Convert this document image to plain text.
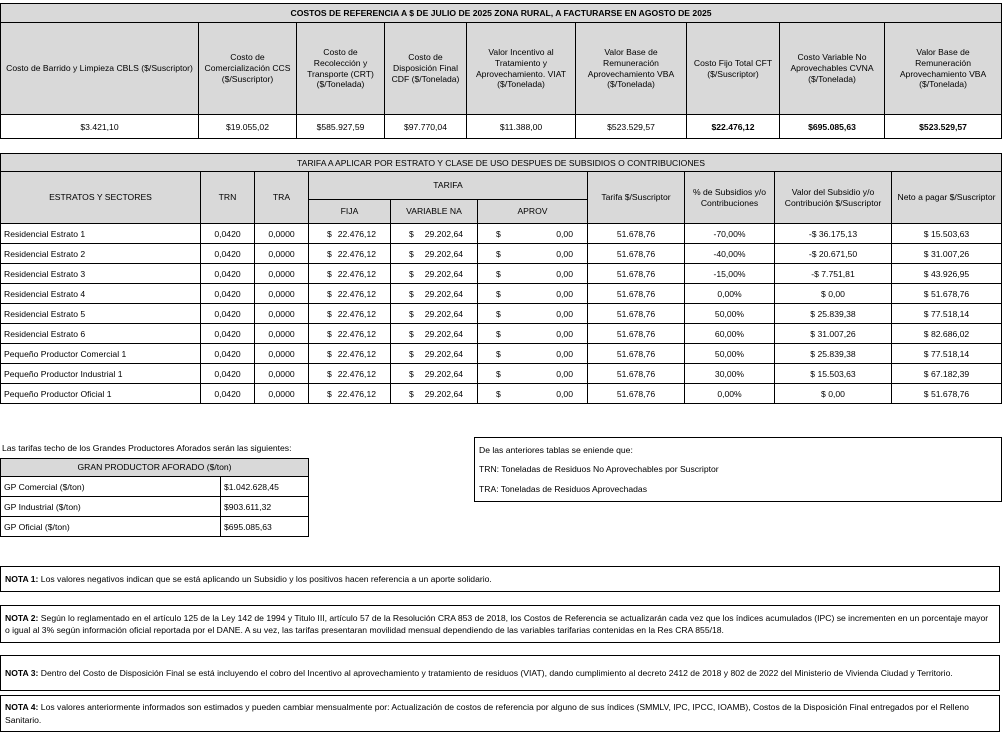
COSTOS DE REFERENCIA A $ DE JULIO DE 2025 ZONA RURAL, A FACTURARSE EN AGOSTO DE 2025								
Costo de Barrido y Limpieza CBLS ($/Suscriptor)	Costo de Comercialización CCS ($/Suscriptor)	Costo de Recolección y Transporte (CRT) ($/Tonelada)	Costo de Disposición Final CDF ($/Tonelada)	Valor Incentivo al Tratamiento y Aprovechamiento. VIAT ($/Tonelada)	Valor Base de Remuneración Aprovechamiento VBA ($/Tonelada)	Costo Fijo Total CFT ($/Suscriptor)	Costo Variable No Aprovechables CVNA ($/Tonelada)	Valor Base de Remuneración Aprovechamiento VBA ($/Tonelada)
$3.421,10	$19.055,02	$585.927,59	$97.770,04	$11.388,00	$523.529,57	$22.476,12	$695.085,63	$523.529,57
TARIFA A APLICAR POR ESTRATO Y CLASE DE USO DESPUES DE SUBSIDIOS O CONTRIBUCIONES									
ESTRATOS Y SECTORES	TRN	TRA	TARIFA			Tarifa $/Suscriptor	% de Subsidios y/o Contribuciones	Valor del Subsidio y/o Contribución $/Suscriptor	Neto a pagar $/Suscriptor
			FIJA	VARIABLE NA	APROV				
Residencial Estrato 1	0,0420	0,0000	$ 22.476,12	$ 29.202,64	$ 0,00	51.678,76	-70,00%	-$ 36.175,13	$ 15.503,63
Residencial Estrato 2	0,0420	0,0000	$ 22.476,12	$ 29.202,64	$ 0,00	51.678,76	-40,00%	-$ 20.671,50	$ 31.007,26
Residencial Estrato 3	0,0420	0,0000	$ 22.476,12	$ 29.202,64	$ 0,00	51.678,76	-15,00%	-$ 7.751,81	$ 43.926,95
Residencial Estrato 4	0,0420	0,0000	$ 22.476,12	$ 29.202,64	$ 0,00	51.678,76	0,00%	$ 0,00	$ 51.678,76
Residencial Estrato 5	0,0420	0,0000	$ 22.476,12	$ 29.202,64	$ 0,00	51.678,76	50,00%	$ 25.839,38	$ 77.518,14
Residencial Estrato 6	0,0420	0,0000	$ 22.476,12	$ 29.202,64	$ 0,00	51.678,76	60,00%	$ 31.007,26	$ 82.686,02
Pequeño Productor Comercial 1	0,0420	0,0000	$ 22.476,12	$ 29.202,64	$ 0,00	51.678,76	50,00%	$ 25.839,38	$ 77.518,14
Pequeño Productor Industrial 1	0,0420	0,0000	$ 22.476,12	$ 29.202,64	$ 0,00	51.678,76	30,00%	$ 15.503,63	$ 67.182,39
Pequeño Productor Oficial 1	0,0420	0,0000	$ 22.476,12	$ 29.202,64	$ 0,00	51.678,76	0,00%	$ 0,00	$ 51.678,76
Las tarifas techo de los Grandes Productores Aforados serán las siguientes:
GRAN PRODUCTOR AFORADO ($/ton)	
GP Comercial ($/ton)	$1.042.628,45
GP Industrial ($/ton)	$903.611,32
GP Oficial ($/ton)	$695.085,63
De las anteriores tablas se eniende que:
TRN: Toneladas de Residuos No Aprovechables por Suscriptor
TRA: Toneladas de Residuos Aprovechadas
NOTA 1: Los valores negativos indican que se está aplicando un Subsidio y los positivos hacen referencia a un aporte solidario.
NOTA 2: Según lo reglamentado en el artículo 125 de la Ley 142 de 1994 y Titulo III, artículo 57 de la Resolución CRA 853 de 2018, los Costos de Referencia se actualizarán cada vez que los índices acumulados (IPC) se incrementen en un porcentaje mayor o igual al 3% según información oficial reportada por el DANE. A su vez, las tarifas presentaran movilidad mensual dependiendo de las variables tarifarias contenidas en la Res CRA 855/18.
NOTA 3: Dentro del Costo de Disposición Final se está incluyendo el cobro del Incentivo al aprovechamiento y tratamiento de residuos (VIAT), dando cumplimiento al decreto 2412 de 2018 y 802 de 2022 del Ministerio de Vivienda Ciudad y Territorio.
NOTA 4: Los valores anteriormente informados son estimados y pueden cambiar mensualmente por: Actualización de costos de referencia por alguno de sus índices (SMMLV, IPC, IPCC, IOAMB), Costos de la Disposición Final entregados por el Relleno Sanitario.
